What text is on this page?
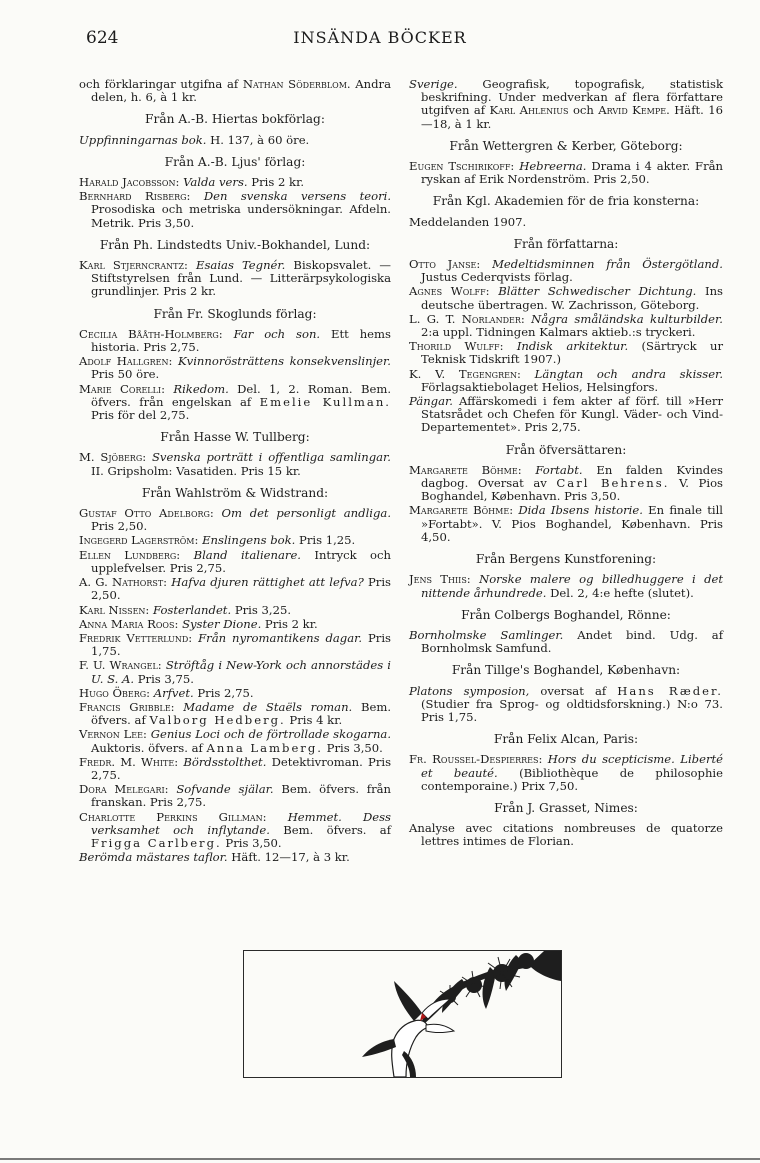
624	INSÄNDA BÖCKER

och förklaringar utgifna af Nathan Söderblom. Andra delen, h. 6, à 1 kr.

Från A.-B. Hiertas bokförlag:

Uppfinningarnas bok. H. 137, à 60 öre.

Från A.-B. Ljus' förlag:

Harald Jacobsson: Valda vers. Pris 2 kr.

Bernhard Risberg: Den svenska versens teori. Prosodiska och metriska undersökningar. Afdeln. Metrik. Pris 3,50.

Från Ph. Lindstedts Univ.-Bokhandel, Lund:

Karl Stjerncrantz: Esaias Tegnér. Biskopsvalet. — Stiftstyrelsen från Lund. — Litterärpsykologiska grundlinjer. Pris 2 kr.

Från Fr. Skoglunds förlag:

Cecilia Bååth-Holmberg: Far och son. Ett hems historia. Pris 2,75.

Adolf Hallgren: Kvinnorösträttens konsekvenslinjer. Pris 50 öre.

Marie Corelli: Rikedom. Del. 1, 2. Roman. Bem. öfvers. från engelskan af Emelie Kullman. Pris för del 2,75.

Från Hasse W. Tullberg:

M. Sjöberg: Svenska porträtt i offentliga samlingar. II. Gripsholm: Vasatiden. Pris 15 kr.

Från Wahlström & Widstrand:

Gustaf Otto Adelborg: Om det personligt andliga. Pris 2,50.

Ingegerd Lagerström: Enslingens bok. Pris 1,25.

Ellen Lundberg: Bland italienare. Intryck och upplefvelser. Pris 2,75.

A. G. Nathorst: Hafva djuren rättighet att lefva? Pris 2,50.

Karl Nissen: Fosterlandet. Pris 3,25.

Anna Maria Roos: Syster Dione. Pris 2 kr.

Fredrik Vetterlund: Från nyromantikens dagar. Pris 1,75.

F. U. Wrangel: Ströftåg i New-York och annorstädes i U. S. A. Pris 3,75.

Hugo Öberg: Arfvet. Pris 2,75.

Francis Gribble: Madame de Staëls roman. Bem. öfvers. af Valborg Hedberg. Pris 4 kr.

Vernon Lee: Genius Loci och de förtrollade skogarna. Auktoris. öfvers. af Anna Lamberg. Pris 3,50.

Fredr. M. White: Bördsstolthet. Detektivroman. Pris 2,75.

Dora Melegari: Sofvande själar. Bem. öfvers. från franskan. Pris 2,75.

Charlotte Perkins Gillman: Hemmet. Dess verksamhet och inflytande. Bem. öfvers. af Frigga Carlberg. Pris 3,50.

Berömda mästares taflor. Häft. 12—17, à 3 kr.

Sverige. Geografisk, topografisk, statistisk beskrifning. Under medverkan af flera författare utgifven af Karl Ahlenius och Arvid Kempe. Häft. 16—18, à 1 kr.

Från Wettergren & Kerber, Göteborg:

Eugen Tschirikoff: Hebreerna. Drama i 4 akter. Från ryskan af Erik Nordenström. Pris 2,50.

Från Kgl. Akademien för de fria konsterna:

Meddelanden 1907.

Från författarna:

Otto Janse: Medeltidsminnen från Östergötland. Justus Cederqvists förlag.

Agnes Wolff: Blätter Schwedischer Dichtung. Ins deutsche übertragen. W. Zachrisson, Göteborg.

L. G. T. Norlander: Några småländska kulturbilder. 2:a uppl. Tidningen Kalmars aktieb.:s tryckeri.

Thorild Wulff: Indisk arkitektur. (Särtryck ur Teknisk Tidskrift 1907.)

K. V. Tegengren: Längtan och andra skisser. Förlagsaktiebolaget Helios, Helsingfors.

Pängar. Affärskomedi i fem akter af förf. till »Herr Statsrådet och Chefen för Kungl. Väder- och Vind-Departementet». Pris 2,75.

Från öfversättaren:

Margarete Böhme: Fortabt. En falden Kvindes dagbog. Oversat av Carl Behrens. V. Pios Boghandel, København. Pris 3,50.

Margarete Böhme: Dida Ibsens historie. En finale till »Fortabt». V. Pios Boghandel, København. Pris 4,50.

Från Bergens Kunstforening:

Jens Thiis: Norske malere og billedhuggere i det nittende århundrede. Del. 2, 4:e hefte (slutet).

Från Colbergs Boghandel, Rönne:

Bornholmske Samlinger. Andet bind. Udg. af Bornholmsk Samfund.

Från Tillge's Boghandel, København:

Platons symposion, oversat af Hans Ræder. (Studier fra Sprog- og oldtidsforskning.) N:o 73. Pris 1,75.

Från Felix Alcan, Paris:

Fr. Roussel-Despierres: Hors du scepticisme. Liberté et beauté. (Bibliothèque de philosophie contemporaine.) Prix 7,50.

Från J. Grasset, Nimes:

Analyse avec citations nombreuses de quatorze lettres intimes de Florian.
